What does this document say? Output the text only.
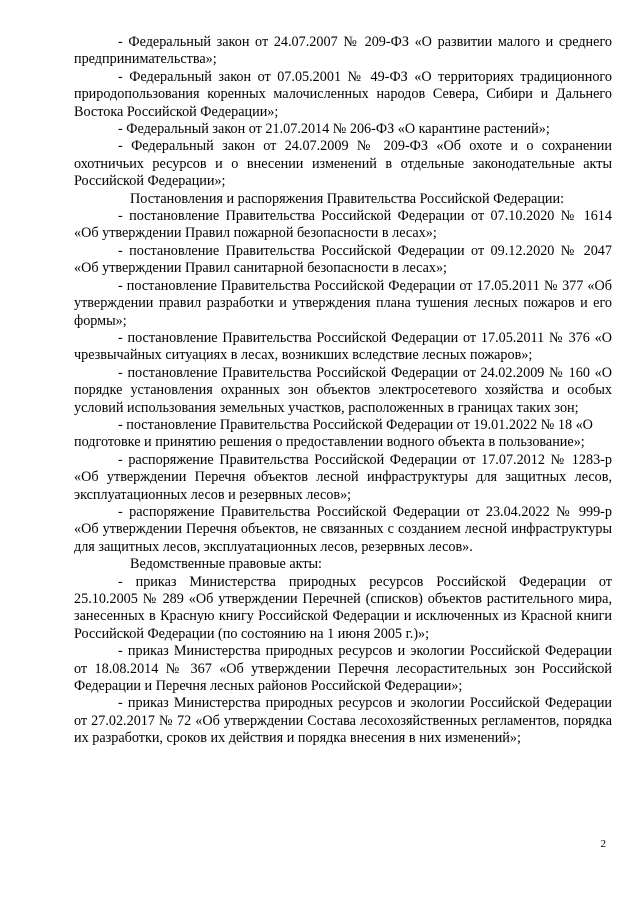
- Федеральный закон от 24.07.2007 № 209-ФЗ «О развитии малого и среднего предпринимательства»;

- Федеральный закон от 07.05.2001 № 49-ФЗ «О территориях традиционного природопользования коренных малочисленных народов Севера, Сибири и Дальнего Востока Российской Федерации»;

- Федеральный закон от 21.07.2014 № 206-ФЗ «О карантине растений»;

- Федеральный закон от 24.07.2009 № 209-ФЗ «Об охоте и о сохранении охотничьих ресурсов и о внесении изменений в отдельные законодательные акты Российской Федерации»;

Постановления и распоряжения Правительства Российской Федерации:

- постановление Правительства Российской Федерации от 07.10.2020 № 1614 «Об утверждении Правил пожарной безопасности в лесах»;

- постановление Правительства Российской Федерации от 09.12.2020 № 2047 «Об утверждении Правил санитарной безопасности в лесах»;

- постановление Правительства Российской Федерации от 17.05.2011 № 377 «Об утверждении правил разработки и утверждения плана тушения лесных пожаров и его формы»;

- постановление Правительства Российской Федерации от 17.05.2011 № 376 «О чрезвычайных ситуациях в лесах, возникших вследствие лесных пожаров»;

- постановление Правительства Российской Федерации от 24.02.2009 № 160 «О порядке установления охранных зон объектов электросетевого хозяйства и особых условий использования земельных участков, расположенных в границах таких зон;

- постановление Правительства Российской Федерации от 19.01.2022 № 18 «О подготовке и принятию решения о предоставлении водного объекта в пользование»;

- распоряжение Правительства Российской Федерации от 17.07.2012 № 1283-р «Об утверждении Перечня объектов лесной инфраструктуры для защитных лесов, эксплуатационных лесов и резервных лесов»;

- распоряжение Правительства Российской Федерации от 23.04.2022 № 999-р «Об утверждении Перечня объектов, не связанных с созданием лесной инфраструктуры для защитных лесов, эксплуатационных лесов, резервных лесов».

Ведомственные правовые акты:

- приказ Министерства природных ресурсов Российской Федерации от 25.10.2005 № 289 «Об утверждении Перечней (списков) объектов растительного мира, занесенных в Красную книгу Российской Федерации и исключенных из Красной книги Российской Федерации (по состоянию на 1 июня 2005 г.)»;

- приказ Министерства природных ресурсов и экологии Российской Федерации от 18.08.2014 № 367 «Об утверждении Перечня лесорастительных зон Российской Федерации и Перечня лесных районов Российской Федерации»;

- приказ Министерства природных ресурсов и экологии Российской Федерации от 27.02.2017 № 72 «Об утверждении Состава лесохозяйственных регламентов, порядка их разработки, сроков их действия и порядка внесения в них изменений»;

2
